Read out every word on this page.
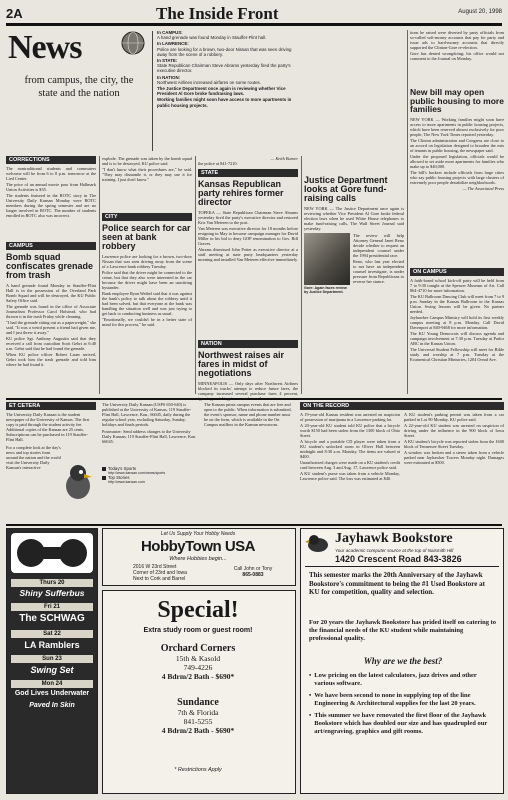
2A	The Inside Front	August 20, 1998
News
from campus, the city, the state and the nation
In CAMPUS:
A hand grenade was found Monday in Stauffer-Flint hall.
In LAWRENCE:
Police are looking for a brown, two-door Nissan that was seen driving away from the scene of a robbery.
In STATE:
State Republican Chairman Steve Abrams yesterday fired the party's executive director.
In NATION:
Northwest Airlines increased airfares on some routes.
The Justice Department once again is reviewing whether Vice President Al Gore broke fundraising laws.
Working families might soon have access to more apartments in public housing projects.
CORRECTIONS

The nontraditional students and commuters welcome will be from 6 to 8 p.m. tomorrow at the Lied Center.

The price of an annual movie pass from Hallmark Union Activities is $35.

The students featured in the ROTC story in The University Daily Kansan Monday were ROTC members during the spring semester and are no longer involved in ROTC. The number of students enrolled in ROTC also was incorrect.

CAMPUS
Bomb squad confiscates grenade from trash

A hand grenade found Monday in Stauffer-Flint Hall is in the possession of the Overland Park Bomb Squad and will be destroyed, the KU Public Safety Office said.

The grenade was found in the office of Associate Journalism Professor Carol Holstead, who had thrown it in the trash Friday while cleaning.

"I had the grenade sitting out as a paperweight," she said. "It was a weird present a friend had given me, and I just threw it away."

KU police Sgt. Anthony Augustin said that they received a call from custodian Scott Gehrt at 6:40 a.m. Gehrt said that he had found the grenade.

When KU police officer Robert Lauer arrived, Gehrt took him the trash grenade and told him where he had found it.

explode. The grenade was taken by the bomb squad and is to be destroyed, KU police said.

"I don't know what their procedures are," he said. "They may dismantle it, or they may use it for training. I just don't know."

CITY
Police search for car seen at bank robbery

Lawrence police are looking for a brown, two-door Nissan that was seen driving away from the scene of a Lawrence bank robbery Tuesday.

Police said that the driver might be connected to the crime, but that they also were interested in the car because the driver might have been an unwitting bystander.

Bank employee Ryan Weibel said that it was against the bank's policy to talk about the robbery until it had been solved, but that everyone at the bank was handling the situation well and was just trying to get back to conducting business as usual.

"Emotionally, we couldn't be in a better state of mind for this process," he said.

— Keith Burner
the police at 841-7210.
STATE
Kansas Republican party rehires former director

TOPEKA — State Republican Chairman Steve Abrams yesterday fired the party's executive director and restored Kris Van Meteren to the post.

Van Meteren was executive director for 18 months before resigning in May to become campaign manager for David Miller in his bid to deny GOP renomination to Gov. Bill Graves.

Abrams dismissed John Potter as executive director at a staff meeting at state party headquarters yesterday morning and installed Van Meteren effective immediately.

NATION
Northwest raises air fares in midst of negotiations

MINNEAPOLIS — Only days after Northwest Airlines blocked its trucks' attempt to reduce future fares, the company increased several purchase fares 4 percent,

Justice Department looks at Gore fund-raising calls

NEW YORK — The Justice Department once again is reviewing whether Vice President Al Gore broke federal election laws when he used White House telephones to make fund-raising calls, The Wall Street Journal said yesterday.

Gore: Again faces review by Justice Department.

The review will help Attorney General Janet Reno decide whether to request an independent counsel under the 1994 presidential race.

Reno, who last year elected to not have an independent counsel investigate, is under pressure from Republicans to reverse her stance.

tions he raised were diverted by party officials from so-called soft-money accounts that pay for party and issue ads to hard-money accounts that directly supported the Clinton-Gore re-election.

Gore has denied wrongdoing; his office would not comment to the Journal on Monday.

New bill may open public housing to more families

NEW YORK — Working families might soon have access to more apartments in public housing projects, which have been reserved almost exclusively for poor people, The New York Times reported yesterday.

The Clinton administration and Congress are close to an accord on legislation designed to broaden the mix of tenants in public housing, the newspaper said.

Under the proposed legislation, officials would be allowed to set aside more apartments for families who make up to $40,000.

The bill's backers include officials from large cities who say public housing projects with large clusters of extremely poor people destabilize neighborhoods.

— The Associated Press
ON CAMPUS

A faith-based school kick-off party will be held from 7 to 9:30 tonight at the Spencer Museum of Art. Call 864-4710 for more information.

The KU Ballroom Dancing Club will meet from 7 to 9 p.m. Sunday in the Kansas Ballroom in the Kansas Union. Swing lessons will be given. No partner needed.

Jayhawker Campus Ministry will hold its first weekly campus meeting at 8 p.m. Monday. Call David Davenport at 840-9468 for more information.

The KU Young Democrats will discuss agenda and campaign involvement at 7:30 p.m. Tuesday at Parlor ABC in the Kansas Union.

The Universal Student Fellowship will meet for Bible study and worship at 7 p.m. Tuesday at the Ecumenical Christian Ministries, 1204 Oread Ave.

ET CETERA
The University Daily Kansan is the student newspaper of the University of Kansas. The first copy is paid through the student activity fee. Additional copies of the Kansan are 25 cents. Subscriptions can be purchased in 119 Stauffer-Flint Hall.
For a complete look at the day's news and top stories from around the nation and the world visit the University Daily Kansan's interactive
The University Daily Kansan (USPS 650-640) is published at the University of Kansas, 119 Stauffer-Flint Hall, Lawrence, Kan., 66045, daily during the regular school year, excluding Saturday, Sunday, holidays and finals periods.
Postmaster: Send address changes to the University Daily Kansan, 119 Stauffer-Flint Hall, Lawrence, Kan. 66045.
Today's Sports
http://www.kansan.com/news/sports
Top Stories
http://www.kansan.com
The Kansan prints campus events that are free and open to the public. When information is submitted, the event's sponsor, name and phone number must be on the form, which is available in the On Campus mailbox in the Kansan newsroom.
ON THE RECORD

A 19-year-old Kansas resident was arrested on suspicion of possession of marijuana in a Lawrence parking lot.

A 20-year-old KU student told KU police that a bicycle worth $150 had been stolen from the 1300 block of Ohio Street.

A bicycle and a portable CD player were taken from a KU student's unlocked room in Oliver Hall between midnight and 8:30 a.m. Monday. The items are valued at $400.

Unauthorized charges were made on a KU student's credit card between Aug. 3 and Aug. 17, Lawrence police said.

A KU student's purse was taken from a vehicle Monday, Lawrence police said. The loss was estimated at $40.

A KU student's parking permit was taken from a car parked in Lot 90 Monday, KU police said.

A 22-year-old KU student was arrested on suspicion of driving under the influence in the 900 block of Iowa Street.

A KU student's bicycle was reported stolen from the 1600 block of Tennessee Street Tuesday.

A window was broken and a stereo taken from a vehicle parked near Jayhawker Towers Monday night. Damages were estimated at $500.

Thurs 20
Shiny Sufferbus
Fri 21
The SCHWAG
Sat 22
LA Ramblers
Sun 23
Swing Set
Mon 24
God Lives Underwater
Paved In Skin
Let Us Supply Your Hobby Needs
HobbyTown USA
Where Hobbies begin...
2016 W 23rd Street
Corner of 23rd and Iowa
Next to Cork and Barrel
Call John or Tony
865-0883
Special!
Extra study room or guest room!
Orchard Corners
15th & Kasold
749-4226
4 Bdrm/2 Bath - $690*
Sundance
7th & Florida
841-5255
4 Bdrm/2 Bath - $690*
* Restrictions Apply
Jayhawk Bookstore
Your academic computer source at the top of Naismith Hill
1420 Crescent Road 843-3826
This semester marks the 20th Anniversary of the Jayhawk Bookstore's commitment to being the #1 Used Bookstore at KU for competition, quality and selection.
For 20 years the Jayhawk Bookstore has prided itself on catering to the financial needs of the KU student while maintaining professional quality.
Why are we the best?
• Low pricing on the latest calculators, jazz drives and other various software.
• We have been second to none in supplying top of the line Engineering & Architectural supplies for the last 20 years.
• This summer we have renovated the first floor of the Jayhawk Bookstore which has doubled our size and has quadrupled our art/engraving, graphics and gift rooms.
